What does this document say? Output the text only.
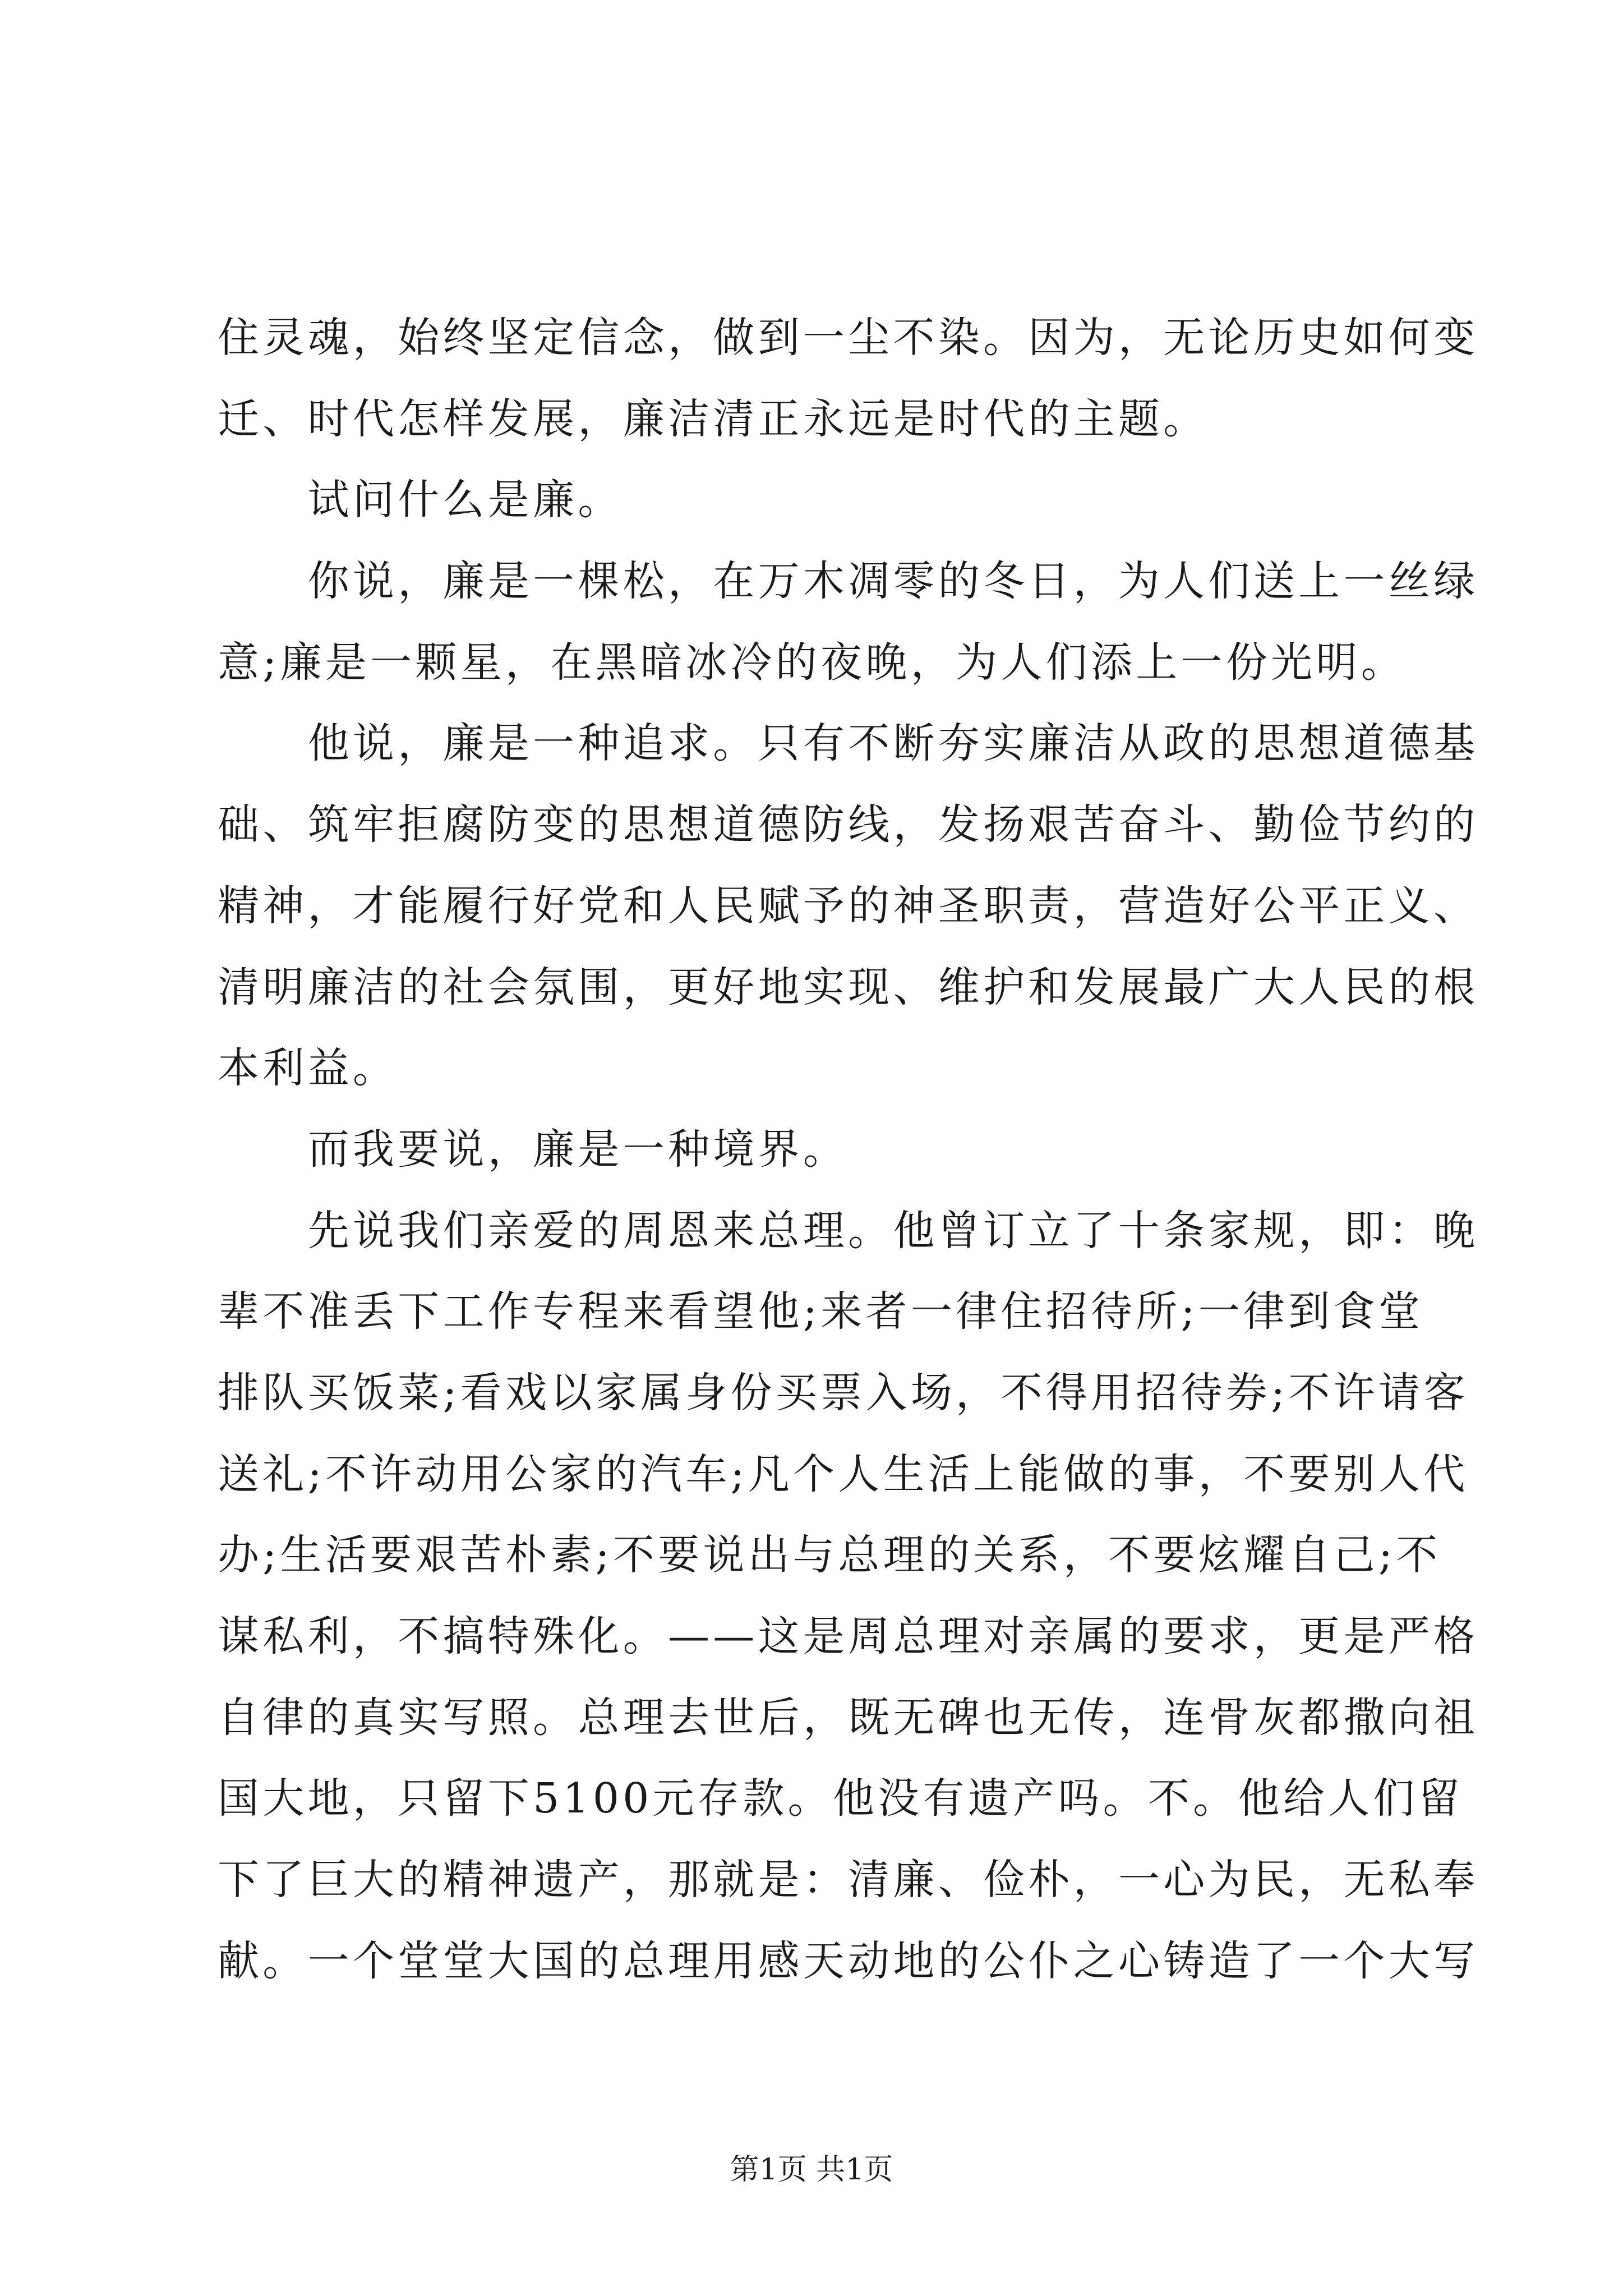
住灵魂，始终坚定信念，做到一尘不染。因为，无论历史如何变
迁、时代怎样发展，廉洁清正永远是时代的主题。
　　试问什么是廉。
　　你说，廉是一棵松，在万木凋零的冬日，为人们送上一丝绿
意;廉是一颗星，在黑暗冰冷的夜晚，为人们添上一份光明。
　　他说，廉是一种追求。只有不断夯实廉洁从政的思想道德基
础、筑牢拒腐防变的思想道德防线，发扬艰苦奋斗、勤俭节约的
精神，才能履行好党和人民赋予的神圣职责，营造好公平正义、
清明廉洁的社会氛围，更好地实现、维护和发展最广大人民的根
本利益。
　　而我要说，廉是一种境界。
　　先说我们亲爱的周恩来总理。他曾订立了十条家规，即：晚
辈不准丢下工作专程来看望他;来者一律住招待所;一律到食堂
排队买饭菜;看戏以家属身份买票入场，不得用招待券;不许请客
送礼;不许动用公家的汽车;凡个人生活上能做的事，不要别人代
办;生活要艰苦朴素;不要说出与总理的关系，不要炫耀自己;不
谋私利，不搞特殊化。——这是周总理对亲属的要求，更是严格
自律的真实写照。总理去世后，既无碑也无传，连骨灰都撒向祖
国大地，只留下5100元存款。他没有遗产吗。不。他给人们留
下了巨大的精神遗产，那就是：清廉、俭朴，一心为民，无私奉
献。一个堂堂大国的总理用感天动地的公仆之心铸造了一个大写
第1页 共1页
